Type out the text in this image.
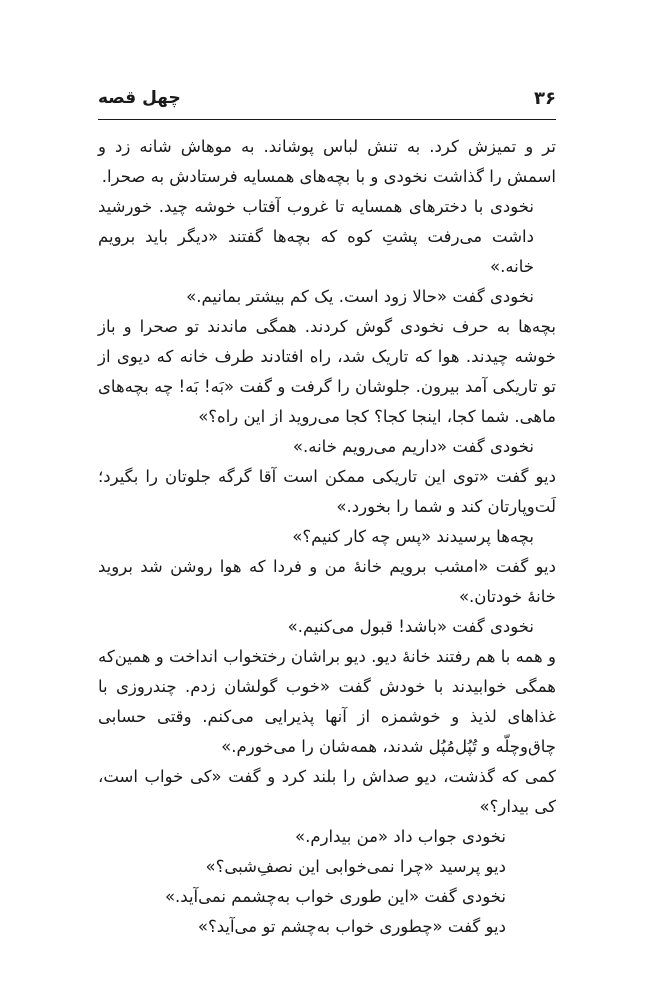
۳۶
چهل قصه

تر و تمیزش کرد. به تنش لباس پوشاند. به موهاش شانه زد و اسمش را گذاشت نخودی و با بچه‌های همسایه فرستادش به صحرا.

نخودی با دخترهای همسایه تا غروب آفتاب خوشه چید. خورشید داشت می‌رفت پشتِ کوه که بچه‌ها گفتند «دیگر باید برویم خانه.»

نخودی گفت «حالا زود است. یک کم بیشتر بمانیم.»

بچه‌ها به حرف نخودی گوش کردند. همگی ماندند تو صحرا و باز خوشه چیدند. هوا که تاریک شد، راه افتادند طرف خانه که دیوی از تو تاریکی آمد بیرون. جلوشان را گرفت و گفت «بَه! بَه! چه بچه‌های ماهی. شما کجا، اینجا کجا؟ کجا می‌روید از این راه؟»

نخودی گفت «داریم می‌رویم خانه.»

دیو گفت «توی این تاریکی ممکن است آقا گرگه جلوتان را بگیرد؛ لَت‌وپارتان کند و شما را بخورد.»

بچه‌ها پرسیدند «پس چه کار کنیم؟»

دیو گفت «امشب برویم خانهٔ من و فردا که هوا روشن شد بروید خانهٔ خودتان.»

نخودی گفت «باشد! قبول می‌کنیم.»

و همه با هم رفتند خانهٔ دیو. دیو براشان رختخواب انداخت و همین‌که همگی خوابیدند با خودش گفت «خوب گولشان زدم. چندروزی با غذاهای لذیذ و خوشمزه از آنها پذیرایی می‌کنم. وقتی حسابی چاق‌وچلّه و تُپُل‌مُپُل شدند، همه‌شان را می‌خورم.»

کمی که گذشت، دیو صداش را بلند کرد و گفت «کی خواب است، کی بیدار؟»

نخودی جواب داد «من بیدارم.»

دیو پرسید «چرا نمی‌خوابی این نصفِ‌شبی؟»

نخودی گفت «این طوری خواب به‌چشمم نمی‌آید.»

دیو گفت «چطوری خواب به‌چشم تو می‌آید؟»
